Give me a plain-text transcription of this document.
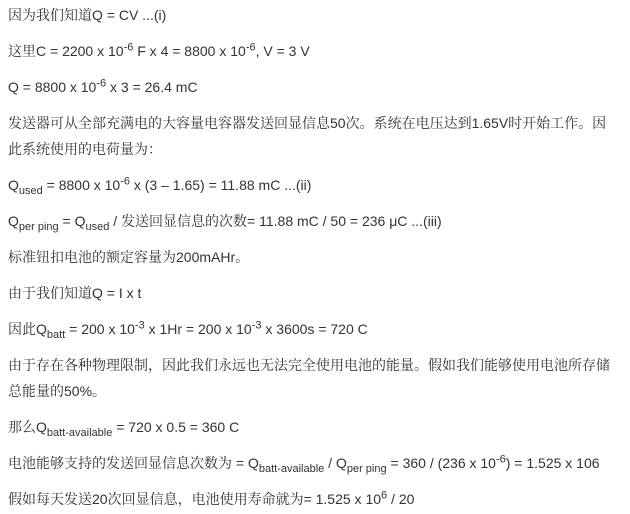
因为我们知道Q = CV ...(i)

这里C = 2200 x $10^{-6}$ F x 4 = 8800 x $10^{-6}$, V = 3 V

Q = 8800 x $10^{-6}$ x 3 = 26.4 mC

发送器可从全部充满电的大容量电容器发送回显信息50次。系统在电压达到1.65V时开始工作。因
此系统使用的电荷量为：

$Q_{used} = 8800$ x $10^{-6}$ x (3 – 1.65) = 11.88 mC ...(ii)

$Q_{per ping} = Q_{used}$ / 发送回显信息的次数= 11.88 mC / 50 = 236 μC ...(iii)

标准钮扣电池的额定容量为200mAHr。

由于我们知道Q = I x t

因此$Q_{batt} = 200$ x $10^{-3}$ x 1Hr = 200 x $10^{-3}$ x 3600s = 720 C

由于存在各种物理限制，因此我们永远也无法完全使用电池的能量。假如我们能够使用电池所存储
总能量的50%。

那么$Q_{batt-available} = 720$ x 0.5 = 360 C

电池能够支持的发送回显信息次数为 = $Q_{batt-available} / Q_{per ping} = 360 / (236$ x $10^{-6}) = 1.525$ x 106

假如每天发送20次回显信息，电池使用寿命就为= 1.525 x $10^6 / 20$
